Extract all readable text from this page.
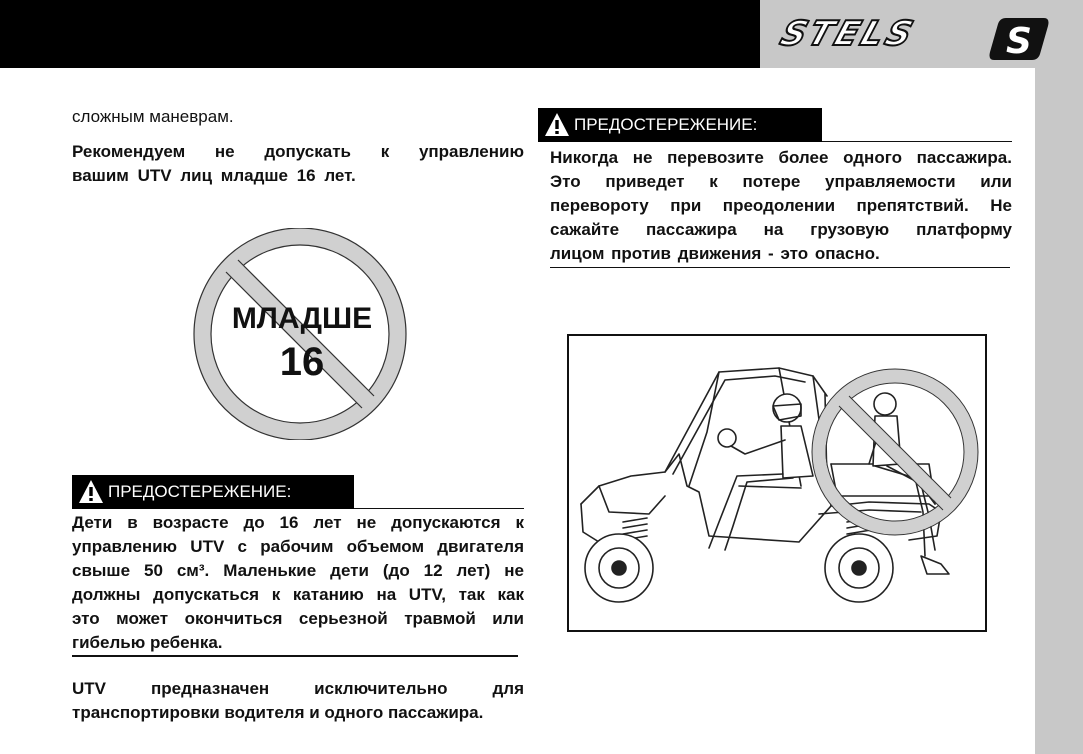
STELS S

сложным маневрам.

Рекомендуем не допускать к управлению

вашим UTV лиц младше 16 лет.

МЛАДШЕ
16
ПРЕДОСТЕРЕЖЕНИЕ:

Дети в возрасте до 16 лет не допускаются к

управлению UTV с рабочим объемом двигателя

свыше 50 см³. Маленькие дети (до 12 лет) не

должны допускаться к катанию на UTV, так как

это может окончиться серьезной травмой или

гибелью ребенка.

UTV предназначен исключительно для

транспортировки водителя и одного пассажира.

ПРЕДОСТЕРЕЖЕНИЕ:

Никогда не перевозите более одного пассажира.

Это приведет к потере управляемости или

перевороту при преодолении препятствий. Не

сажайте пассажира на грузовую платформу

лицом против движения - это опасно.
